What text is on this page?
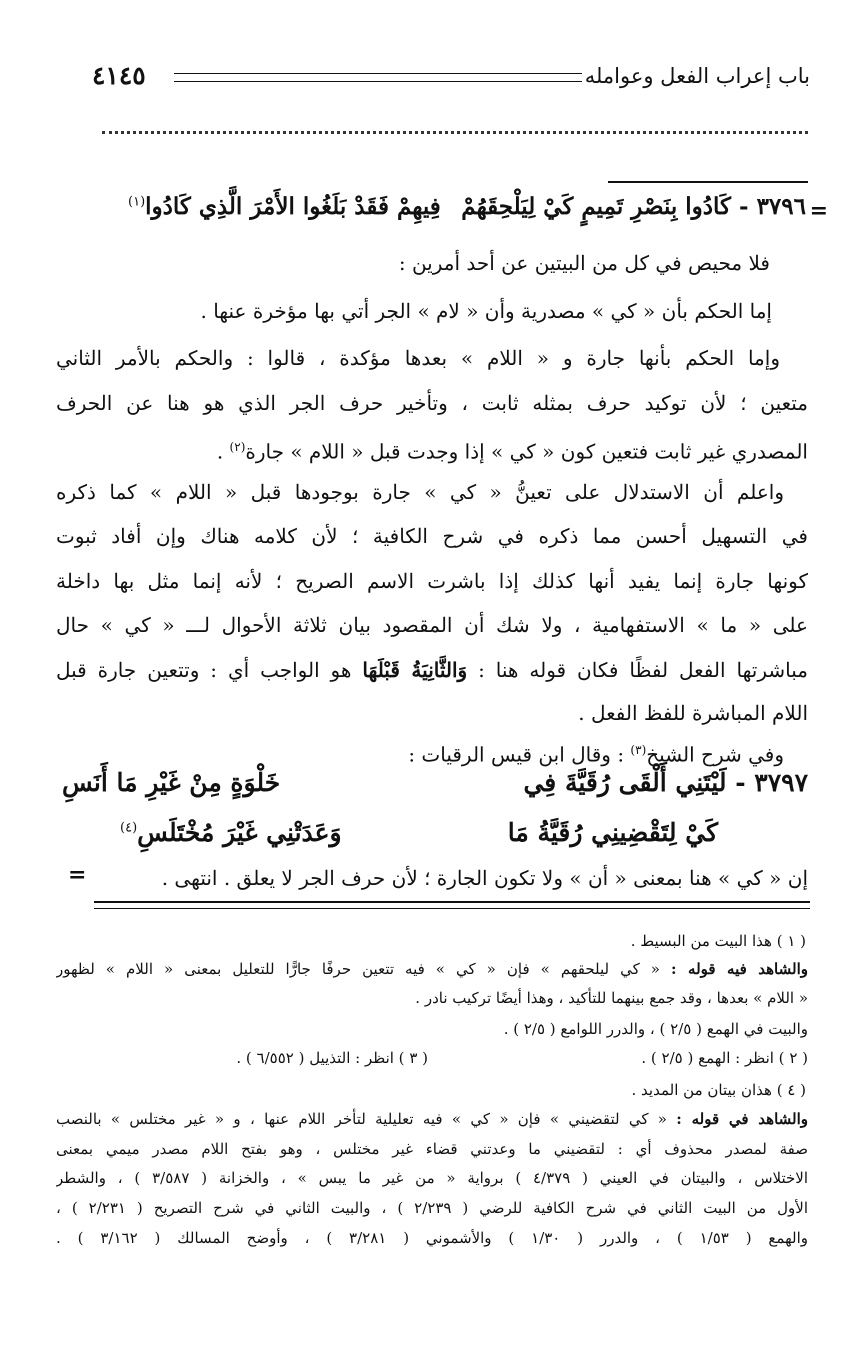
باب إعراب الفعل وعوامله
٤١٤٥
٣٧٩٦ - كَادُوا بِنَصْرِ تَمِيمٍ كَيْ لِيَلْحِقَهُمْ
فِيهِمْ فَقَدْ بَلَغُوا الأَمْرَ الَّذِي كَادُوا$^{(١)}$	=
فلا محيص في كل من البيتين عن أحد أمرين :
إما الحكم بأن « كي » مصدرية وأن « لام » الجر أتي بها مؤخرة عنها .
وإما الحكم بأنها جارة و « اللام » بعدها مؤكدة ، قالوا : والحكم بالأمر الثاني
متعين ؛ لأن توكيد حرف بمثله ثابت ، وتأخير حرف الجر الذي هو هنا عن الحرف
المصدري غير ثابت فتعين كون « كي » إذا وجدت قبل « اللام » جارة$^{(٢)}$ .
واعلم أن الاستدلال على تعينُّ « كي » جارة بوجودها قبل « اللام » كما ذكره
في التسهيل أحسن مما ذكره في شرح الكافية ؛ لأن كلامه هناك وإن أفاد ثبوت
كونها جارة إنما يفيد أنها كذلك إذا باشرت الاسم الصريح ؛ لأنه إنما مثل بها داخلة
على « ما » الاستفهامية ، ولا شك أن المقصود بيان ثلاثة الأحوال لـــ « كي » حال
مباشرتها الفعل لفظًا فكان قوله هنا : وَالثَّانِيَةُ قَبْلَهَا هو الواجب أي : وتتعين جارة قبل
اللام المباشرة للفظ الفعل .
وفي شرح الشيخ$^{(٣)}$ : وقال ابن قيس الرقيات :
٣٧٩٧ - لَيْتَنِي أَلْقَى رُقَيَّةَ فِي
خَلْوَةٍ مِنْ غَيْرِ مَا أَنَسِ
كَيْ لِتَقْضِينِي رُقَيَّةُ مَا
وَعَدَتْنِي غَيْرَ مُخْتَلَسِ$^{(٤)}$
إن « كي » هنا بمعنى « أن » ولا تكون الجارة ؛ لأن حرف الجر لا يعلق . انتهى .
=
( ١ ) هذا البيت من البسيط .
والشاهد فيه قوله : « كي ليلحقهم » فإن « كي » فيه تتعين حرفًا جارًّا للتعليل بمعنى « اللام » لظهور
« اللام » بعدها ، وقد جمع بينهما للتأكيد ، وهذا أيضًا تركيب نادر .
والبيت في الهمع ( ٢/٥ ) ، والدرر اللوامع ( ٢/٥ ) .
( ٢ ) انظر : الهمع ( ٢/٥ ) .
( ٣ ) انظر : التذييل ( ٦/٥٥٢ ) .
( ٤ ) هذان بيتان من المديد .
والشاهد في قوله : « كي لتقضيني » فإن « كي » فيه تعليلية لتأخر اللام عنها ، و « غير مختلس » بالنصب
صفة لمصدر محذوف أي : لتقضيني ما وعدتني قضاء غير مختلس ، وهو بفتح اللام مصدر ميمي بمعنى
الاختلاس ، والبيتان في العيني ( ٤/٣٧٩ ) برواية « من غير ما يبس » ، والخزانة ( ٣/٥٨٧ ) ، والشطر
الأول من البيت الثاني في شرح الكافية للرضي ( ٢/٢٣٩ ) ، والبيت الثاني في شرح التصريح ( ٢/٢٣١ ) ،
والهمع ( ١/٥٣ ) ، والدرر ( ١/٣٠ ) والأشموني ( ٣/٢٨١ ) ، وأوضح المسالك ( ٣/١٦٢ ) .
